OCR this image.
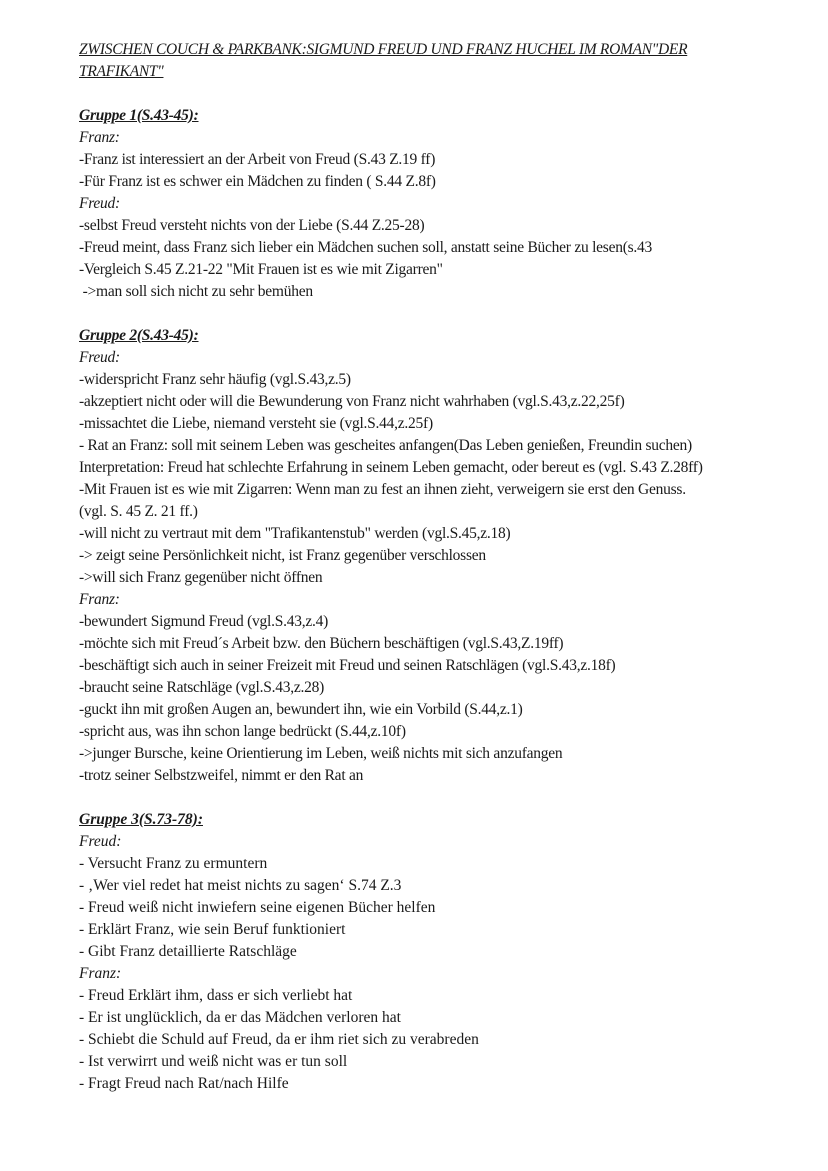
ZWISCHEN COUCH & PARKBANK:SIGMUND FREUD UND FRANZ HUCHEL IM ROMAN"DER
TRAFIKANT"
Gruppe 1(S.43-45):
Franz:
-Franz ist interessiert an der Arbeit von Freud (S.43 Z.19 ff)
-Für Franz ist es schwer ein Mädchen zu finden ( S.44 Z.8f)
Freud:
-selbst Freud versteht nichts von der Liebe (S.44 Z.25-28)
-Freud meint, dass Franz sich lieber ein Mädchen suchen soll, anstatt seine Bücher zu lesen(s.43
-Vergleich S.45 Z.21-22 "Mit Frauen ist es wie mit Zigarren"
->man soll sich nicht zu sehr bemühen
Gruppe 2(S.43-45):
Freud:
-widerspricht Franz sehr häufig (vgl.S.43,z.5)
-akzeptiert nicht oder will die Bewunderung von Franz nicht wahrhaben (vgl.S.43,z.22,25f)
-missachtet die Liebe, niemand versteht sie (vgl.S.44,z.25f)
- Rat an Franz: soll mit seinem Leben was gescheites anfangen(Das Leben genießen, Freundin suchen)
Interpretation: Freud hat schlechte Erfahrung in seinem Leben gemacht, oder bereut es (vgl. S.43 Z.28ff)
-Mit Frauen ist es wie mit Zigarren: Wenn man zu fest an ihnen zieht, verweigern sie erst den Genuss.
(vgl. S. 45 Z. 21 ff.)
-will nicht zu vertraut mit dem "Trafikantenstub" werden (vgl.S.45,z.18)
-> zeigt seine Persönlichkeit nicht, ist Franz gegenüber verschlossen
->will sich Franz gegenüber nicht öffnen
Franz:
-bewundert Sigmund Freud (vgl.S.43,z.4)
-möchte sich mit Freud´s Arbeit bzw. den Büchern beschäftigen (vgl.S.43,Z.19ff)
-beschäftigt sich auch in seiner Freizeit mit Freud und seinen Ratschlägen (vgl.S.43,z.18f)
-braucht seine Ratschläge (vgl.S.43,z.28)
-guckt ihn mit großen Augen an, bewundert ihn, wie ein Vorbild (S.44,z.1)
-spricht aus, was ihn schon lange bedrückt (S.44,z.10f)
->junger Bursche, keine Orientierung im Leben, weiß nichts mit sich anzufangen
-trotz seiner Selbstzweifel, nimmt er den Rat an
Gruppe 3(S.73-78):
Freud:
- Versucht Franz zu ermuntern
- ‚Wer viel redet hat meist nichts zu sagen‘ S.74 Z.3
- Freud weiß nicht inwiefern seine eigenen Bücher helfen
- Erklärt Franz, wie sein Beruf funktioniert
- Gibt Franz detaillierte Ratschläge
Franz:
- Freud Erklärt ihm, dass er sich verliebt hat
- Er ist unglücklich, da er das Mädchen verloren hat
- Schiebt die Schuld auf Freud, da er ihm riet sich zu verabreden
- Ist verwirrt und weiß nicht was er tun soll
- Fragt Freud nach Rat/nach Hilfe
